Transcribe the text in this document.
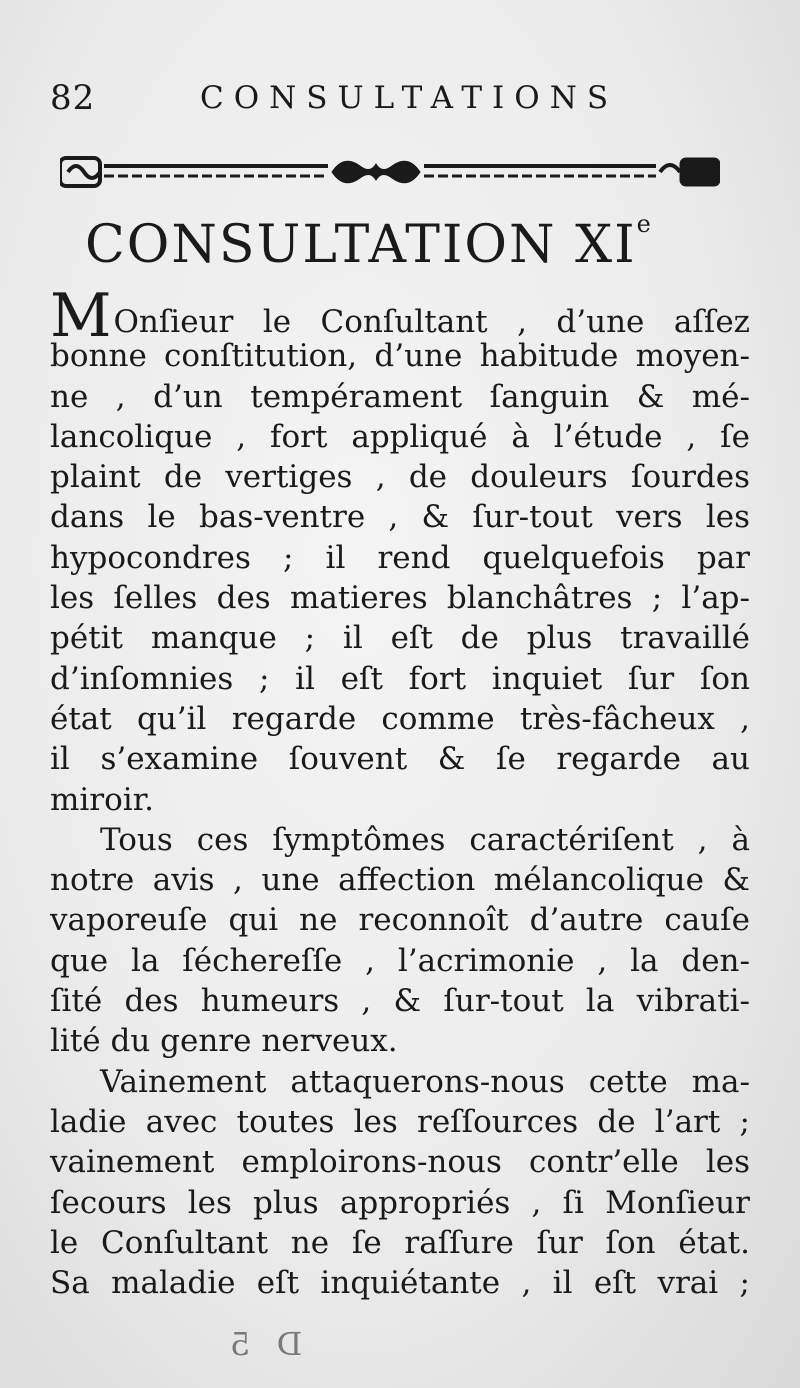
82	CONSULTATIONS
CONSULTATION XIe
MOnſieur le Conſultant , d’une aſſez
bonne conſtitution, d’une habitude moyen-
ne , d’un tempérament ſanguin & mé-
lancolique , fort appliqué à l’étude , ſe
plaint de vertiges , de douleurs ſourdes
dans le bas-ventre , & ſur-tout vers les
hypocondres ; il rend quelquefois par
les ſelles des matieres blanchâtres ; l’ap-
pétit manque ; il eſt de plus travaillé
d’inſomnies ; il eſt fort inquiet ſur ſon
état qu’il regarde comme très-fâcheux ,
il s’examine ſouvent & ſe regarde au
miroir.
Tous ces ſymptômes caractériſent , à
notre avis , une affection mélancolique &
vaporeuſe qui ne reconnoît d’autre cauſe
que la ſéchereſſe , l’acrimonie , la den-
ſité des humeurs , & ſur-tout la vibrati-
lité du genre nerveux.
Vainement attaquerons-nous cette ma-
ladie avec toutes les reſſources de l’art ;
vainement emploirons-nous contr’elle les
ſecours les plus appropriés , ſi Monſieur
le Conſultant ne ſe raſſure ſur ſon état.
Sa maladie eſt inquiétante , il eſt vrai ;
D 5
